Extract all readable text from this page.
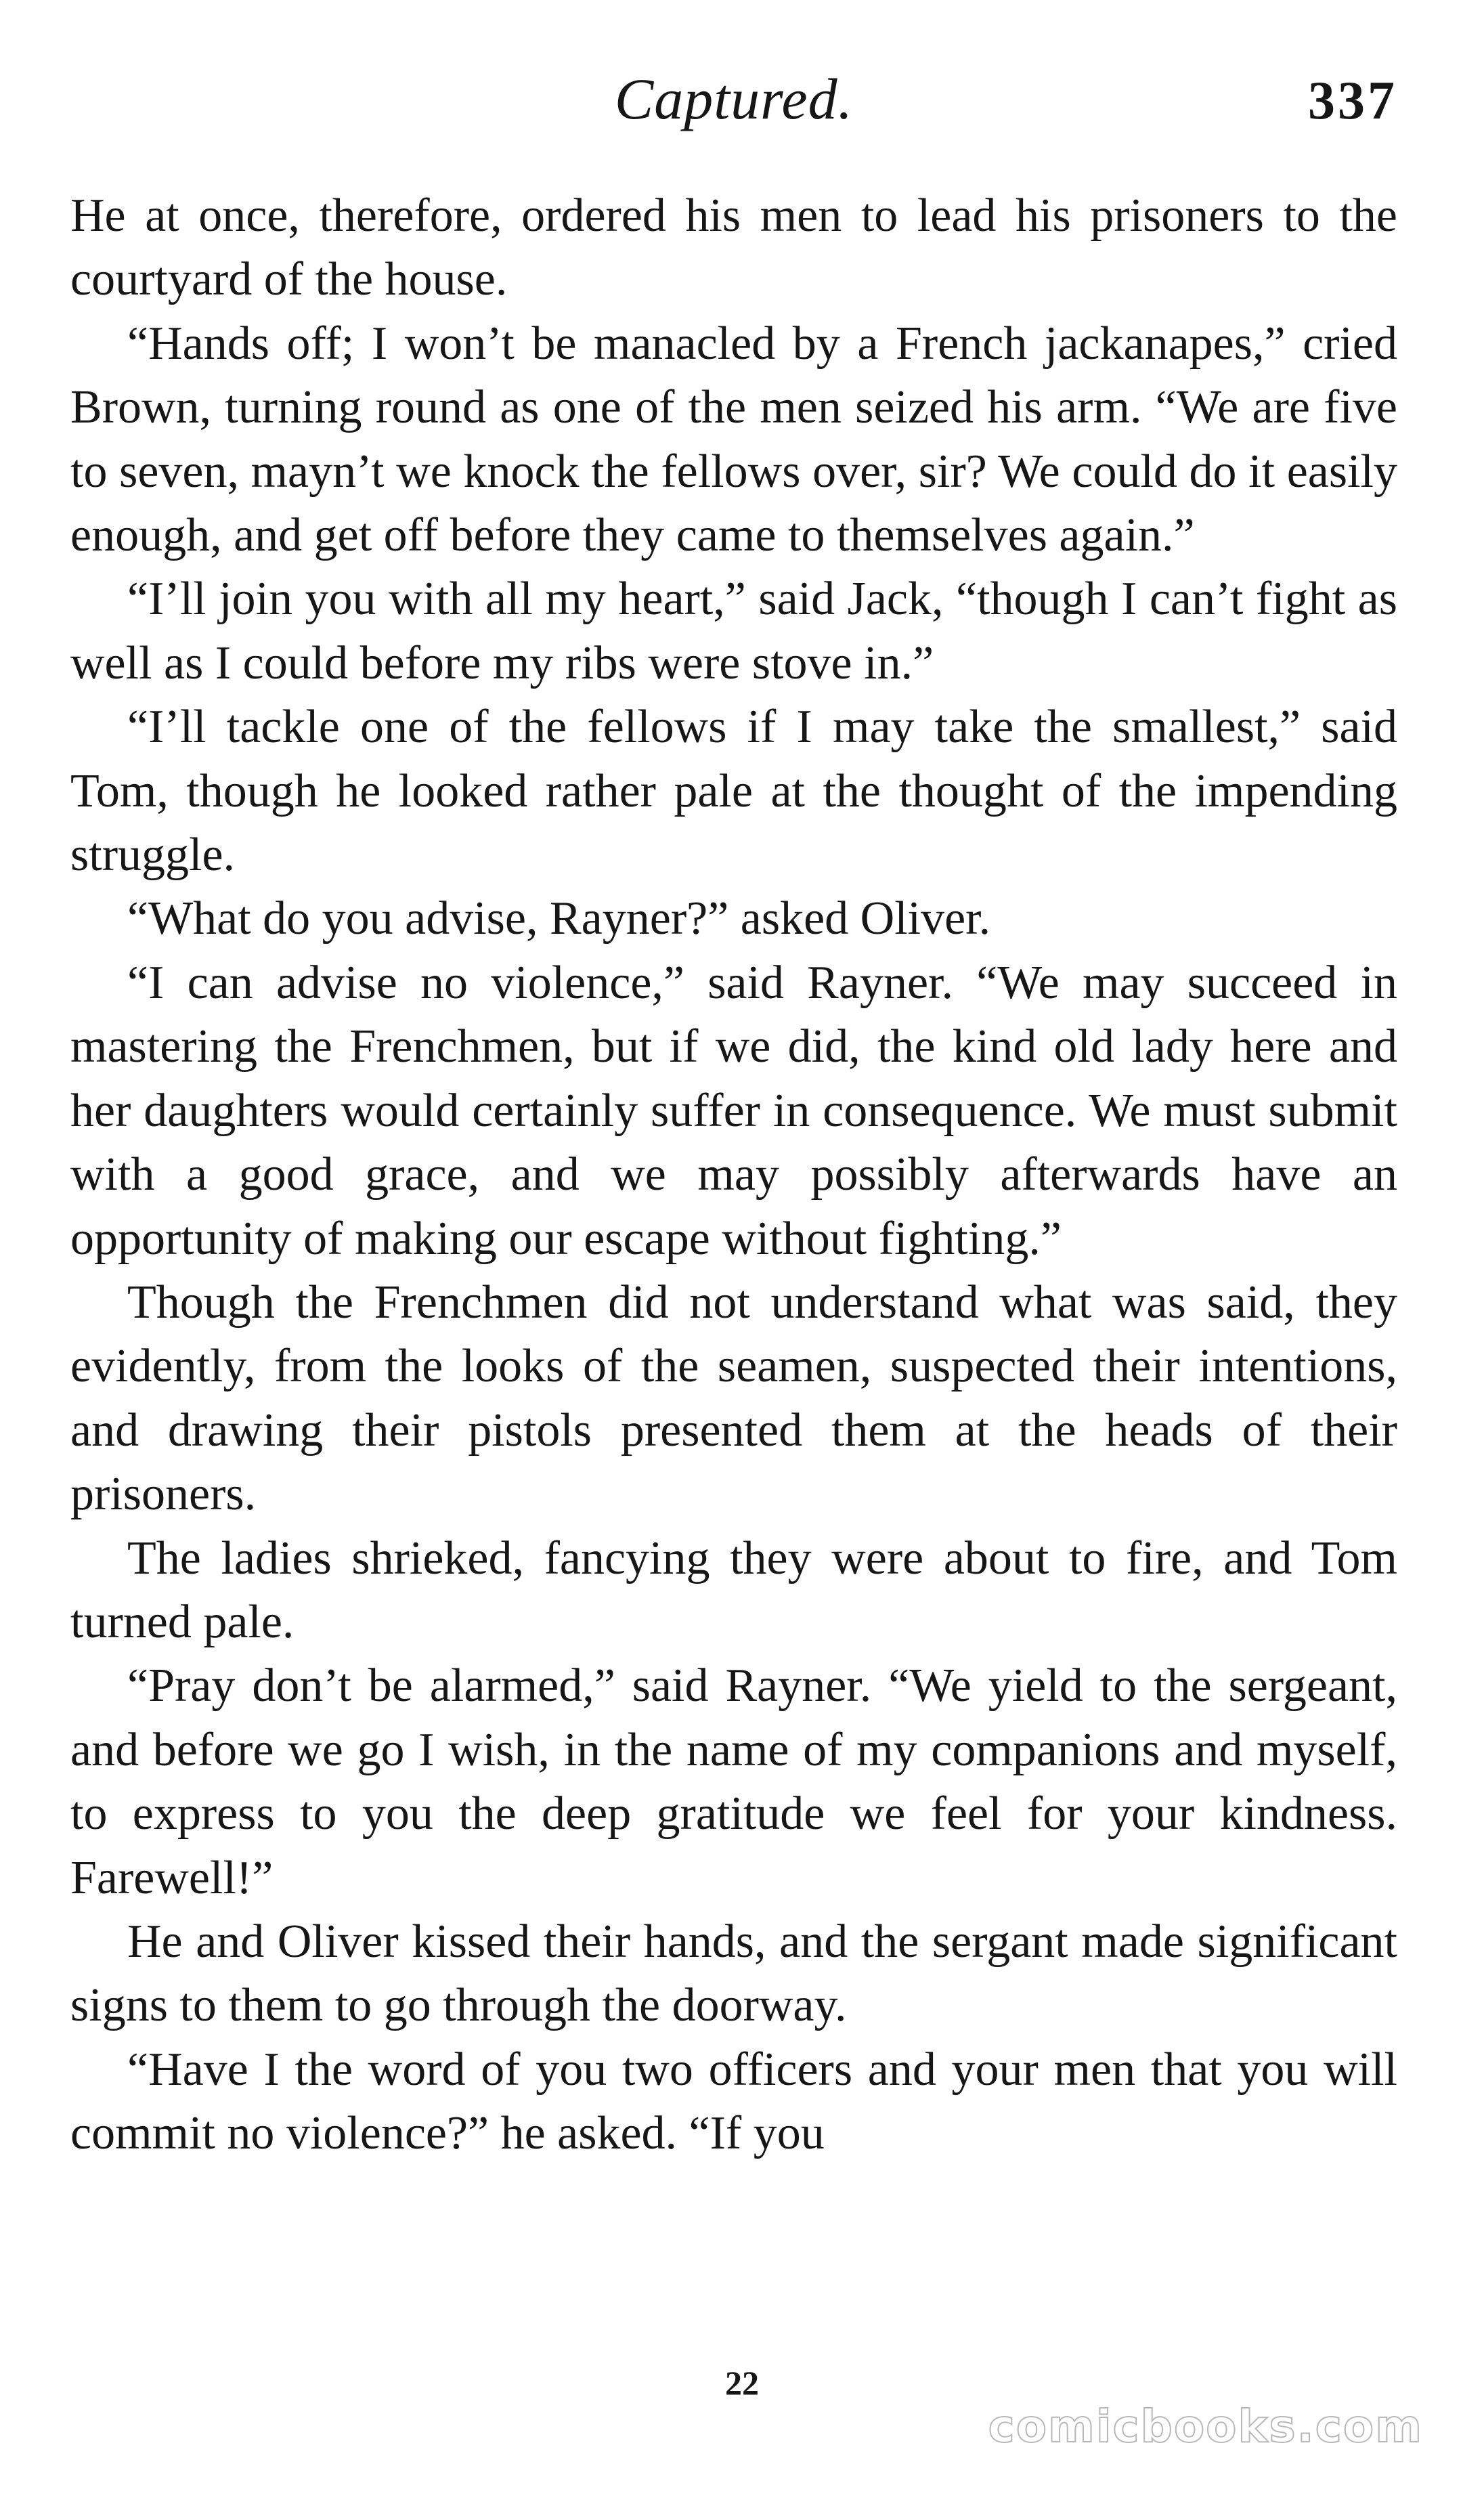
Captured.	337

He at once, therefore, ordered his men to lead his prisoners to the courtyard of the house.

“Hands off; I won’t be manacled by a French jackanapes,” cried Brown, turning round as one of the men seized his arm. “We are five to seven, mayn’t we knock the fellows over, sir? We could do it easily enough, and get off before they came to themselves again.”

“I’ll join you with all my heart,” said Jack, “though I can’t fight as well as I could before my ribs were stove in.”

“I’ll tackle one of the fellows if I may take the smallest,” said Tom, though he looked rather pale at the thought of the impending struggle.

“What do you advise, Rayner?” asked Oliver.

“I can advise no violence,” said Rayner. “We may succeed in mastering the Frenchmen, but if we did, the kind old lady here and her daughters would certainly suffer in consequence. We must submit with a good grace, and we may possibly afterwards have an opportunity of making our escape without fighting.”

Though the Frenchmen did not understand what was said, they evidently, from the looks of the seamen, suspected their intentions, and drawing their pistols presented them at the heads of their prisoners.

The ladies shrieked, fancying they were about to fire, and Tom turned pale.

“Pray don’t be alarmed,” said Rayner. “We yield to the sergeant, and before we go I wish, in the name of my companions and myself, to express to you the deep gratitude we feel for your kindness. Farewell!”

He and Oliver kissed their hands, and the sergant made significant signs to them to go through the doorway.

“Have I the word of you two officers and your men that you will commit no violence?” he asked. “If you

22
comicbooks.com
